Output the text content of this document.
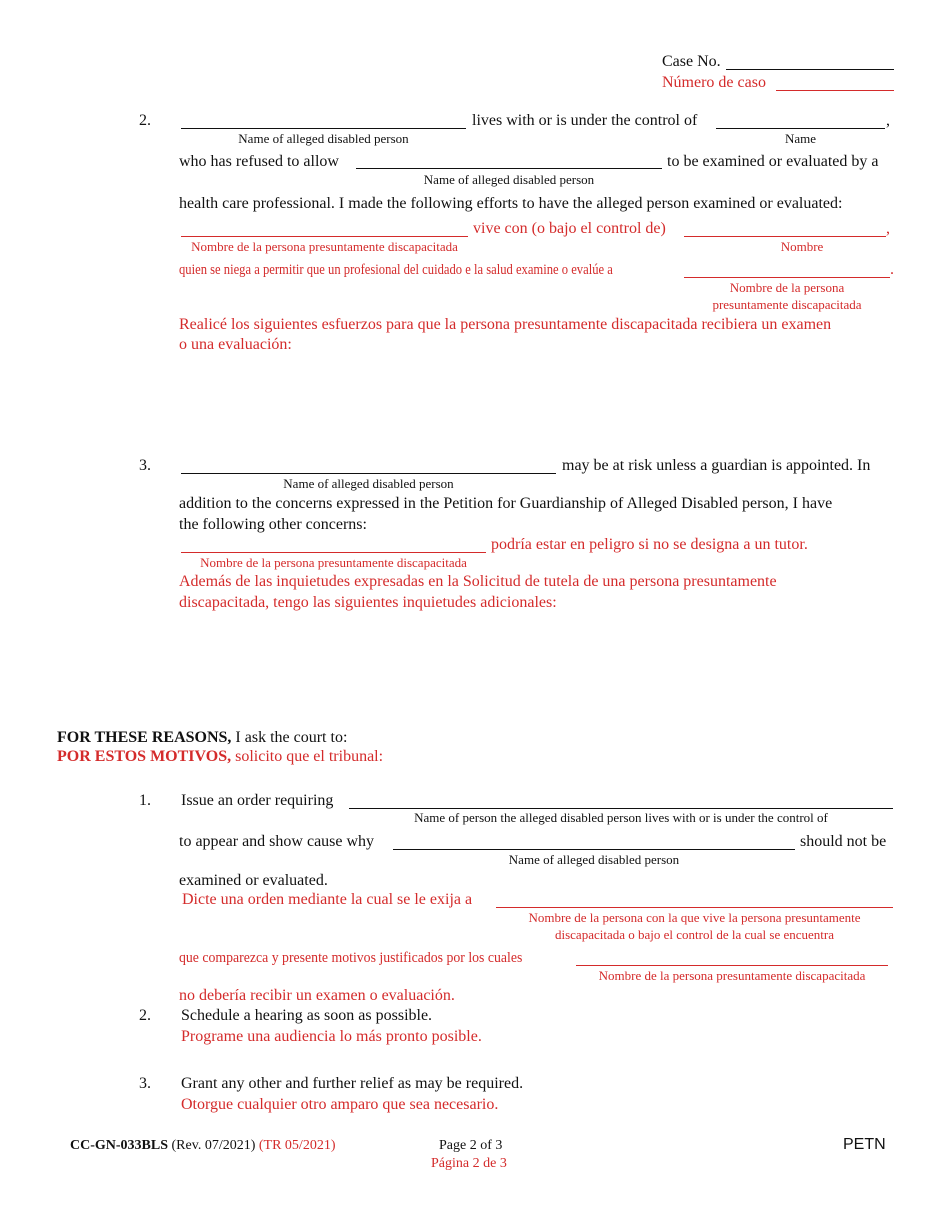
Case No.
Número de caso
2.	lives with or is under the control of	,
Name of alleged disabled person	Name
who has refused to allow	to be examined or evaluated by a
Name of alleged disabled person
health care professional. I made the following efforts to have the alleged person examined or evaluated:
vive con (o bajo el control de)	,
Nombre de la persona presuntamente discapacitada	Nombre
quien se niega a permitir que un profesional del cuidado e la salud examine o evalúe a	.
Nombre de la persona
presuntamente discapacitada
Realicé los siguientes esfuerzos para que la persona presuntamente discapacitada recibiera un examen
o una evaluación:
3.	may be at risk unless a guardian is appointed. In
Name of alleged disabled person
addition to the concerns expressed in the Petition for Guardianship of Alleged Disabled person, I have
the following other concerns:
podría estar en peligro si no se designa a un tutor.
Nombre de la persona presuntamente discapacitada
Además de las inquietudes expresadas en la Solicitud de tutela de una persona presuntamente
discapacitada, tengo las siguientes inquietudes adicionales:
FOR THESE REASONS, I ask the court to:
POR ESTOS MOTIVOS, solicito que el tribunal:
1. Issue an order requiring
Name of person the alleged disabled person lives with or is under the control of
to appear and show cause why	should not be
Name of alleged disabled person
examined or evaluated.
Dicte una orden mediante la cual se le exija a
Nombre de la persona con la que vive la persona presuntamente
discapacitada o bajo el control de la cual se encuentra
que comparezca y presente motivos justificados por los cuales
Nombre de la persona presuntamente discapacitada
no debería recibir un examen o evaluación.
2. Schedule a hearing as soon as possible.
Programe una audiencia lo más pronto posible.
3. Grant any other and further relief as may be required.
Otorgue cualquier otro amparo que sea necesario.
CC-GN-033BLS (Rev. 07/2021) (TR 05/2021)	Page 2 of 3
Página 2 de 3
PETN
